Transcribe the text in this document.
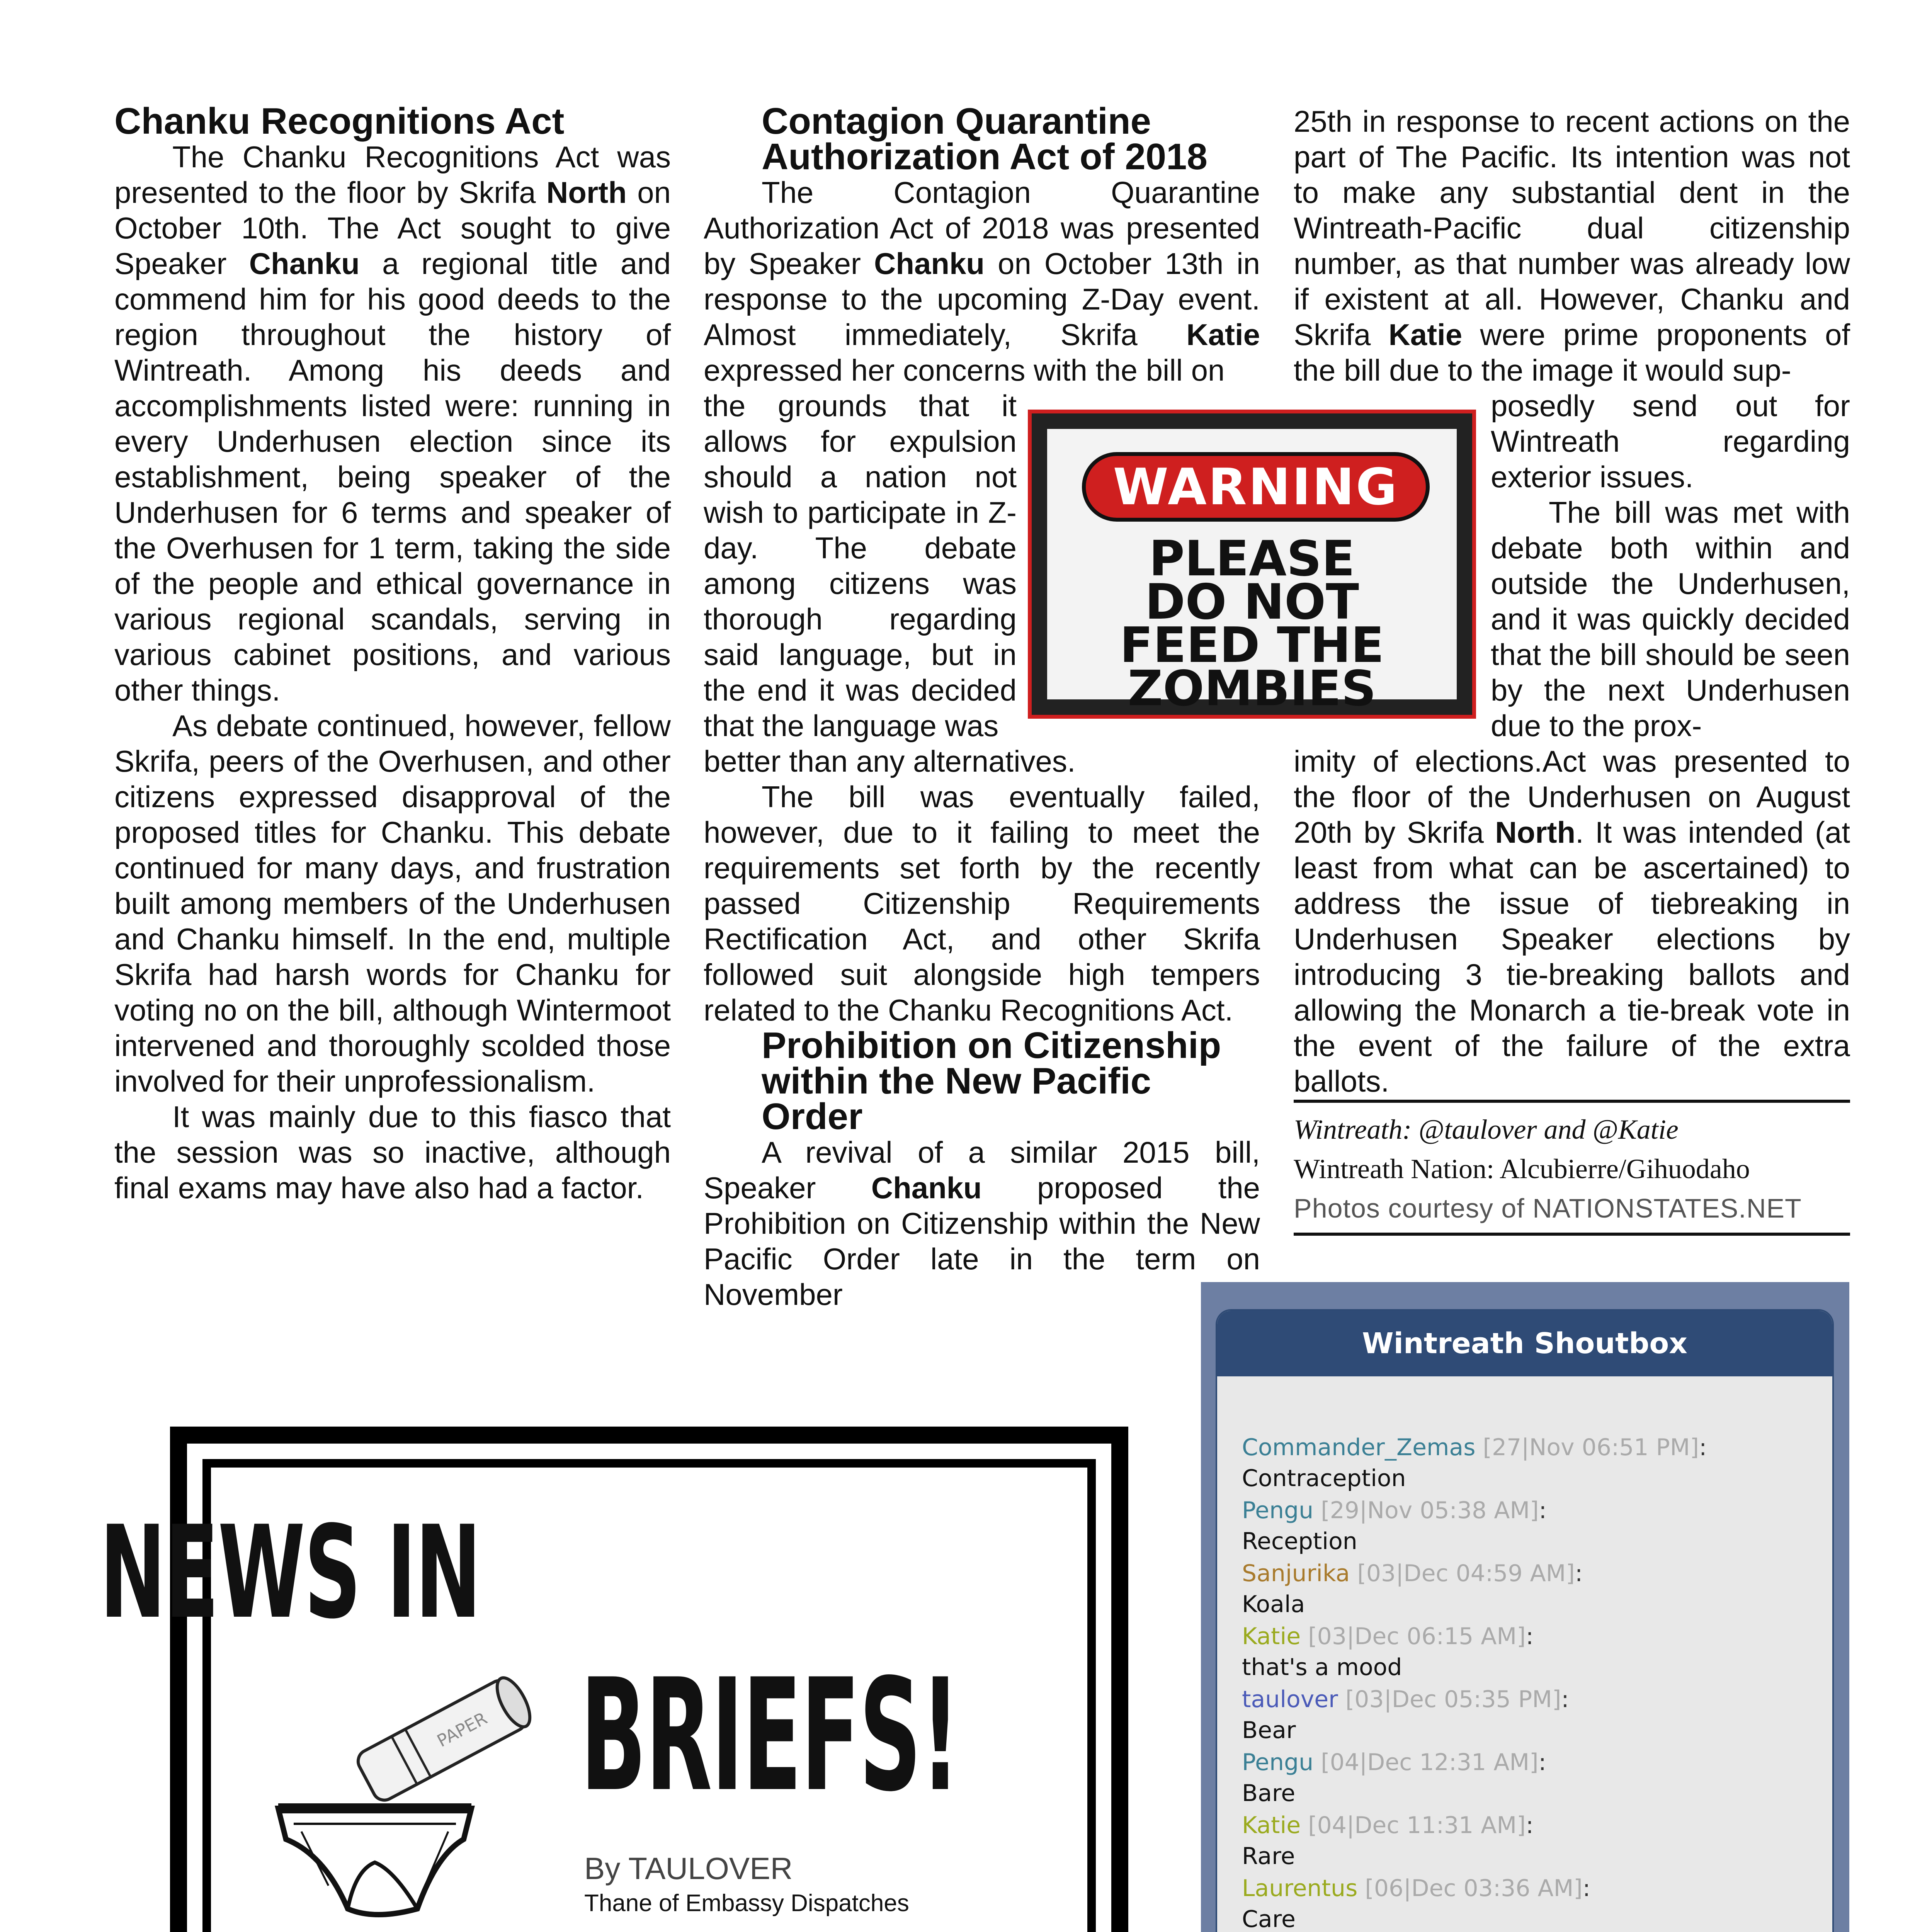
Chanku Recognitions Act

The Chanku Recognitions Act was presented to the floor by Skrifa North on October 10th. The Act sought to give Speaker Chanku a regional title and commend him for his good deeds to the region throughout the history of Wintreath. Among his deeds and accomplishments listed were: running in every Underhusen election since its establishment, being speaker of the Underhusen for 6 terms and speaker of the Overhusen for 1 term, taking the side of the people and ethical governance in various regional scandals, serving in various cabinet positions, and various other things.

As debate continued, however, fellow Skrifa, peers of the Overhusen, and other citizens expressed disapproval of the proposed titles for Chanku. This debate continued for many days, and frustration built among members of the Underhusen and Chanku himself. In the end, multiple Skrifa had harsh words for Chanku for voting no on the bill, although Wintermoot intervened and thoroughly scolded those involved for their unprofessionalism.

It was mainly due to this fiasco that the session was so inactive, although final exams may have also had a factor.

Contagion Quarantine Authorization Act of 2018

The Contagion Quarantine Authorization Act of 2018 was presented by Speaker Chanku on October 13th in response to the upcoming Z-Day event. Almost immediately, Skrifa Katie expressed her concerns with the bill on

the grounds that it allows for expulsion should a nation not wish to participate in Z-day. The debate among citizens was thorough regarding said language, but in the end it was decided that the language was

better than any alternatives.

The bill was eventually failed, however, due to it failing to meet the requirements set forth by the recently passed Citizenship Requirements Rectification Act, and other Skrifa followed suit alongside high tempers related to the Chanku Recognitions Act.

Prohibition on Citizenship within the New Pacific Order

A revival of a similar 2015 bill, Speaker Chanku proposed the Prohibition on Citizenship within the New Pacific Order late in the term on November

25th in response to recent actions on the part of The Pacific. Its intention was not to make any substantial dent in the Wintreath-Pacific dual citizenship number, as that number was already low if existent at all. However, Chanku and Skrifa Katie were prime proponents of the bill due to the image it would sup-

posedly send out for Wintreath regarding exterior issues.

The bill was met with debate both within and outside the Underhusen, and it was quickly decided that the bill should be seen by the next Underhusen due to the prox-

imity of elections.Act was presented to the floor of the Underhusen on August 20th by Skrifa North. It was intended (at least from what can be ascertained) to address the issue of tiebreaking in Underhusen Speaker elections by introducing 3 tie-breaking ballots and allowing the Monarch a tie-break vote in the event of the failure of the extra ballots.

WARNING
PLEASE
DO NOT
FEED THE
ZOMBIES
Wintreath: @taulover and @Katie
Wintreath Nation: Alcubierre/Gihuodaho
Photos courtesy of NATIONSTATES.NET
NEWS IN
BRIEFS!
PAPER
By TAULOVER
Thane of Embassy Dispatches
Wintreath Shoutbox
Commander_Zemas [27|Nov 06:51 PM]:
Contraception
Pengu [29|Nov 05:38 AM]:
Reception
Sanjurika [03|Dec 04:59 AM]:
Koala
Katie [03|Dec 06:15 AM]:
that's a mood
taulover [03|Dec 05:35 PM]:
Bear
Pengu [04|Dec 12:31 AM]:
Bare
Katie [04|Dec 11:31 AM]:
Rare
Laurentus [06|Dec 03:36 AM]:
Care
